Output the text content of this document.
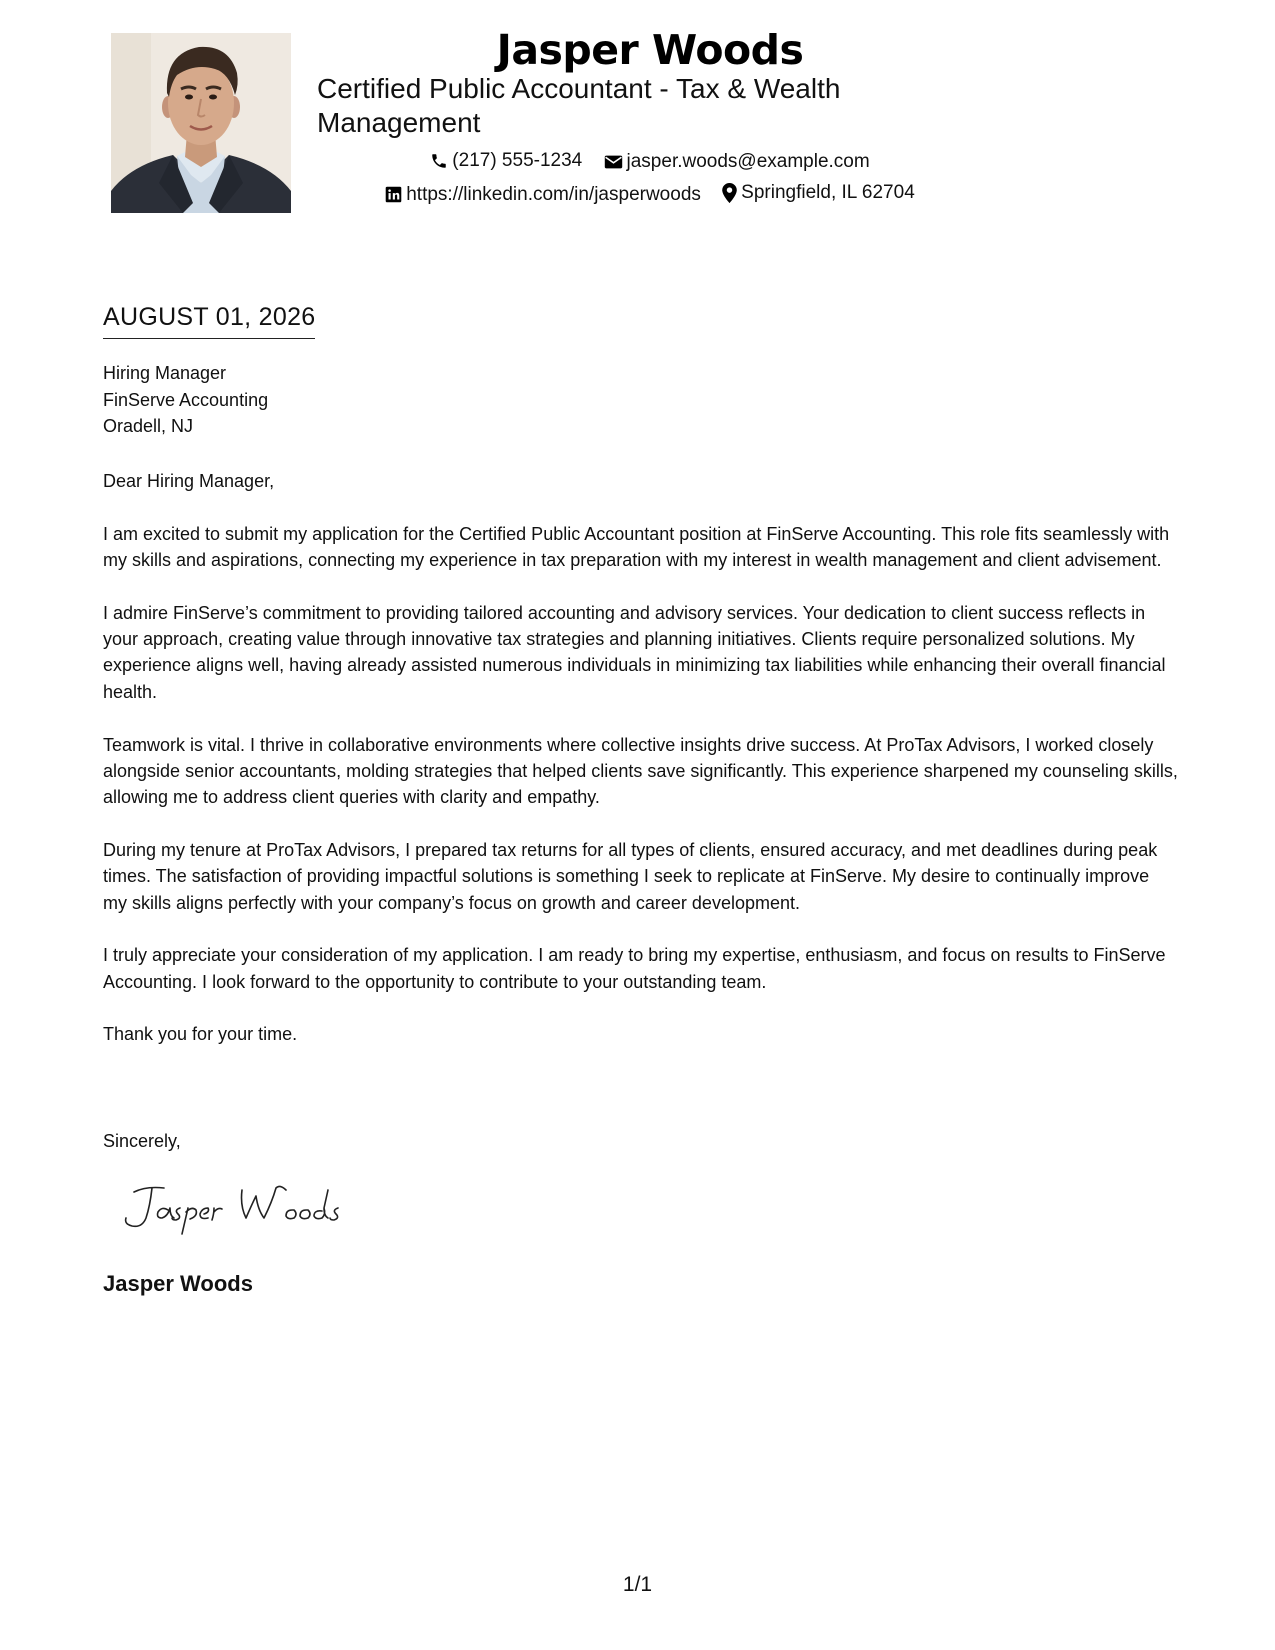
Jasper Woods
Certified Public Accountant - Tax & Wealth Management
(217) 555-1234
jasper.woods@example.com
https://linkedin.com/in/jasperwoods
Springfield, IL 62704
AUGUST 01, 2026
Hiring Manager
FinServe Accounting
Oradell, NJ

Dear Hiring Manager,

I am excited to submit my application for the Certified Public Accountant position at FinServe Accounting. This role fits seamlessly with my skills and aspirations, connecting my experience in tax preparation with my interest in wealth management and client advisement.

I admire FinServe’s commitment to providing tailored accounting and advisory services. Your dedication to client success reflects in your approach, creating value through innovative tax strategies and planning initiatives. Clients require personalized solutions. My experience aligns well, having already assisted numerous individuals in minimizing tax liabilities while enhancing their overall financial health.

Teamwork is vital. I thrive in collaborative environments where collective insights drive success. At ProTax Advisors, I worked closely alongside senior accountants, molding strategies that helped clients save significantly. This experience sharpened my counseling skills, allowing me to address client queries with clarity and empathy.

During my tenure at ProTax Advisors, I prepared tax returns for all types of clients, ensured accuracy, and met deadlines during peak times. The satisfaction of providing impactful solutions is something I seek to replicate at FinServe. My desire to continually improve my skills aligns perfectly with your company’s focus on growth and career development.

I truly appreciate your consideration of my application. I am ready to bring my expertise, enthusiasm, and focus on results to FinServe Accounting. I look forward to the opportunity to contribute to your outstanding team.

Thank you for your time.

Sincerely,
Jasper Woods
1/1
